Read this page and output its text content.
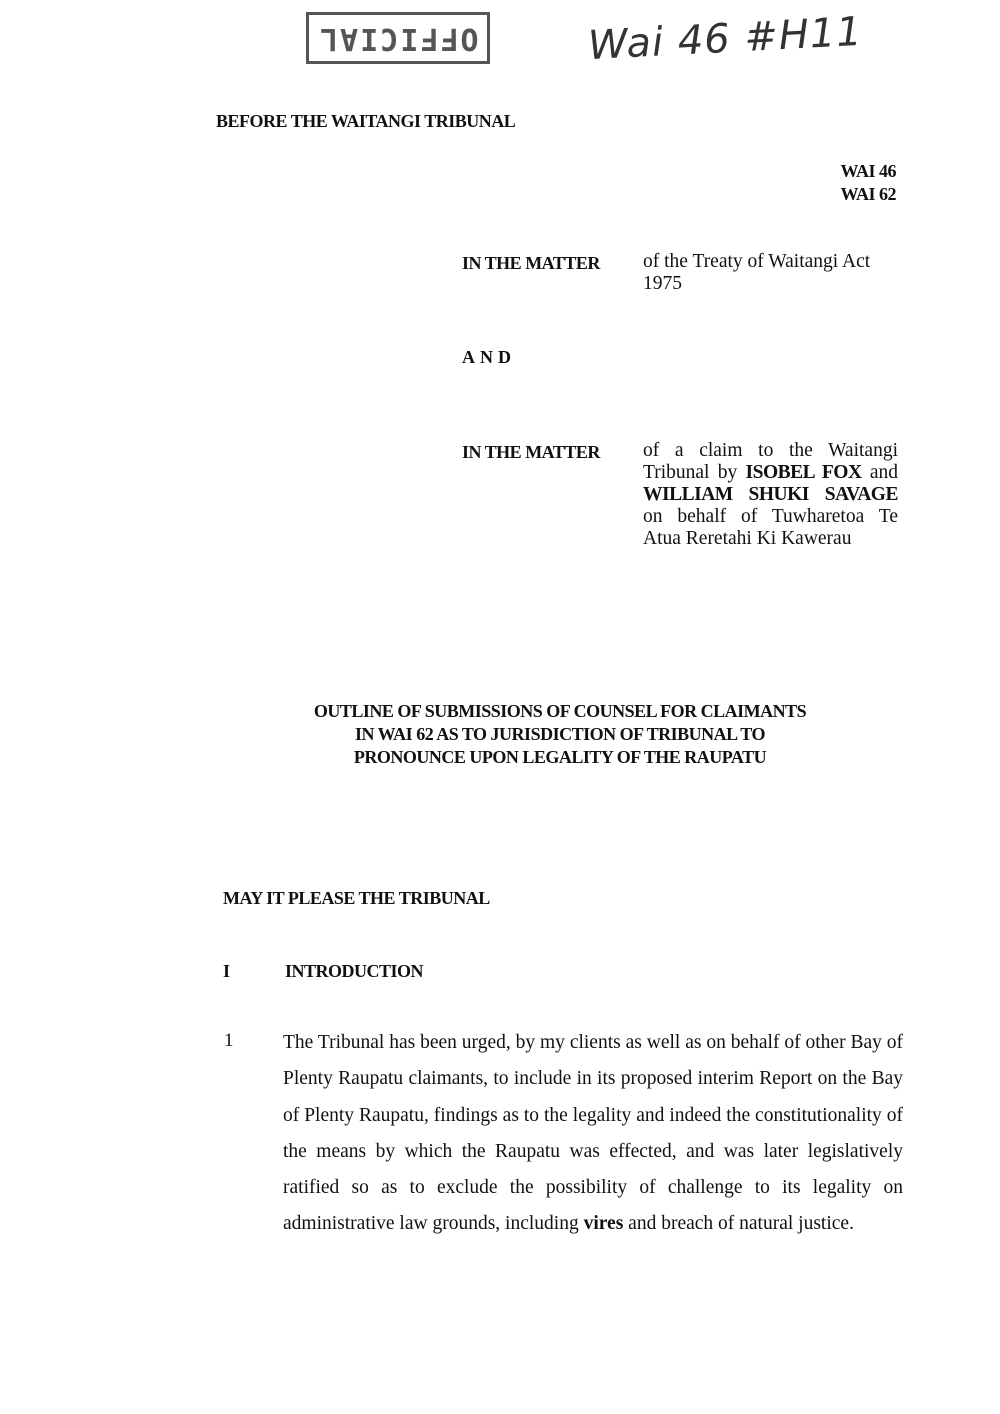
OFFICIAL	Wai 46 #H11
BEFORE THE WAITANGI TRIBUNAL
WAI 46
WAI 62
IN THE MATTER of the Treaty of Waitangi Act 1975
AND
IN THE MATTER of a claim to the Waitangi Tribunal by ISOBEL FOX and WILLIAM SHUKI SAVAGE on behalf of Tuwharetoa Te Atua Reretahi Ki Kawerau
OUTLINE OF SUBMISSIONS OF COUNSEL FOR CLAIMANTS
IN WAI 62 AS TO JURISDICTION OF TRIBUNAL TO
PRONOUNCE UPON LEGALITY OF THE RAUPATU
MAY IT PLEASE THE TRIBUNAL
I	INTRODUCTION
1	The Tribunal has been urged, by my clients as well as on behalf of other Bay of Plenty Raupatu claimants, to include in its proposed interim Report on the Bay of Plenty Raupatu, findings as to the legality and indeed the constitutionality of the means by which the Raupatu was effected, and was later legislatively ratified so as to exclude the possibility of challenge to its legality on administrative law grounds, including vires and breach of natural justice.
